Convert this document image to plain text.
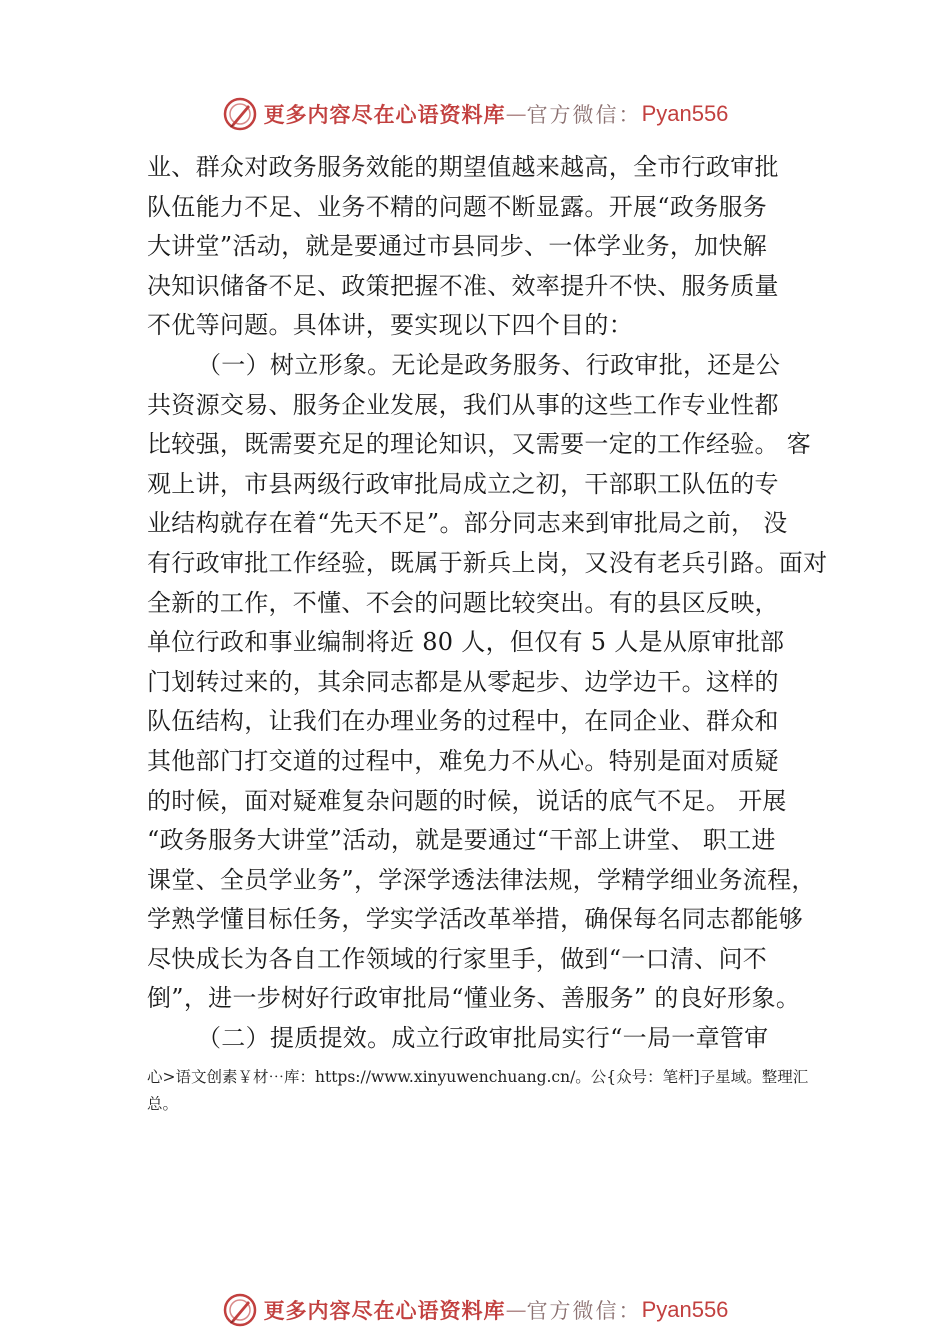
更多内容尽在心语资料库 — 官方微信： Pyan556
业、群众对政务服务效能的期望值越来越高，全市行政审批
队伍能力不足、业务不精的问题不断显露。开展“政务服务
大讲堂”活动，就是要通过市县同步、一体学业务，加快解
决知识储备不足、政策把握不准、效率提升不快、服务质量
不优等问题。具体讲，要实现以下四个目的：
（一）树立形象。无论是政务服务、行政审批，还是公
共资源交易、服务企业发展，我们从事的这些工作专业性都
比较强，既需要充足的理论知识，又需要一定的工作经验。 客
观上讲，市县两级行政审批局成立之初，干部职工队伍的专
业结构就存在着“先天不足”。部分同志来到审批局之前， 没
有行政审批工作经验，既属于新兵上岗，又没有老兵引路。面对
全新的工作，不懂、不会的问题比较突出。有的县区反映，
单位行政和事业编制将近 80 人，但仅有 5 人是从原审批部
门划转过来的，其余同志都是从零起步、边学边干。这样的
队伍结构，让我们在办理业务的过程中，在同企业、群众和
其他部门打交道的过程中，难免力不从心。特别是面对质疑
的时候，面对疑难复杂问题的时候，说话的底气不足。 开展
“政务服务大讲堂”活动，就是要通过“干部上讲堂、 职工进
课堂、全员学业务”，学深学透法律法规，学精学细业务流程，
学熟学懂目标任务，学实学活改革举措，确保每名同志都能够
尽快成长为各自工作领域的行家里手，做到“一口清、问不
倒”，进一步树好行政审批局“懂业务、善服务” 的良好形象。
（二）提质提效。成立行政审批局实行“一局一章管审
心>语文创素￥材⋯库：https://www.xinyuwenchuang.cn/。公{众号：笔杆]子星域。整理汇总。
更多内容尽在心语资料库 — 官方微信： Pyan556
